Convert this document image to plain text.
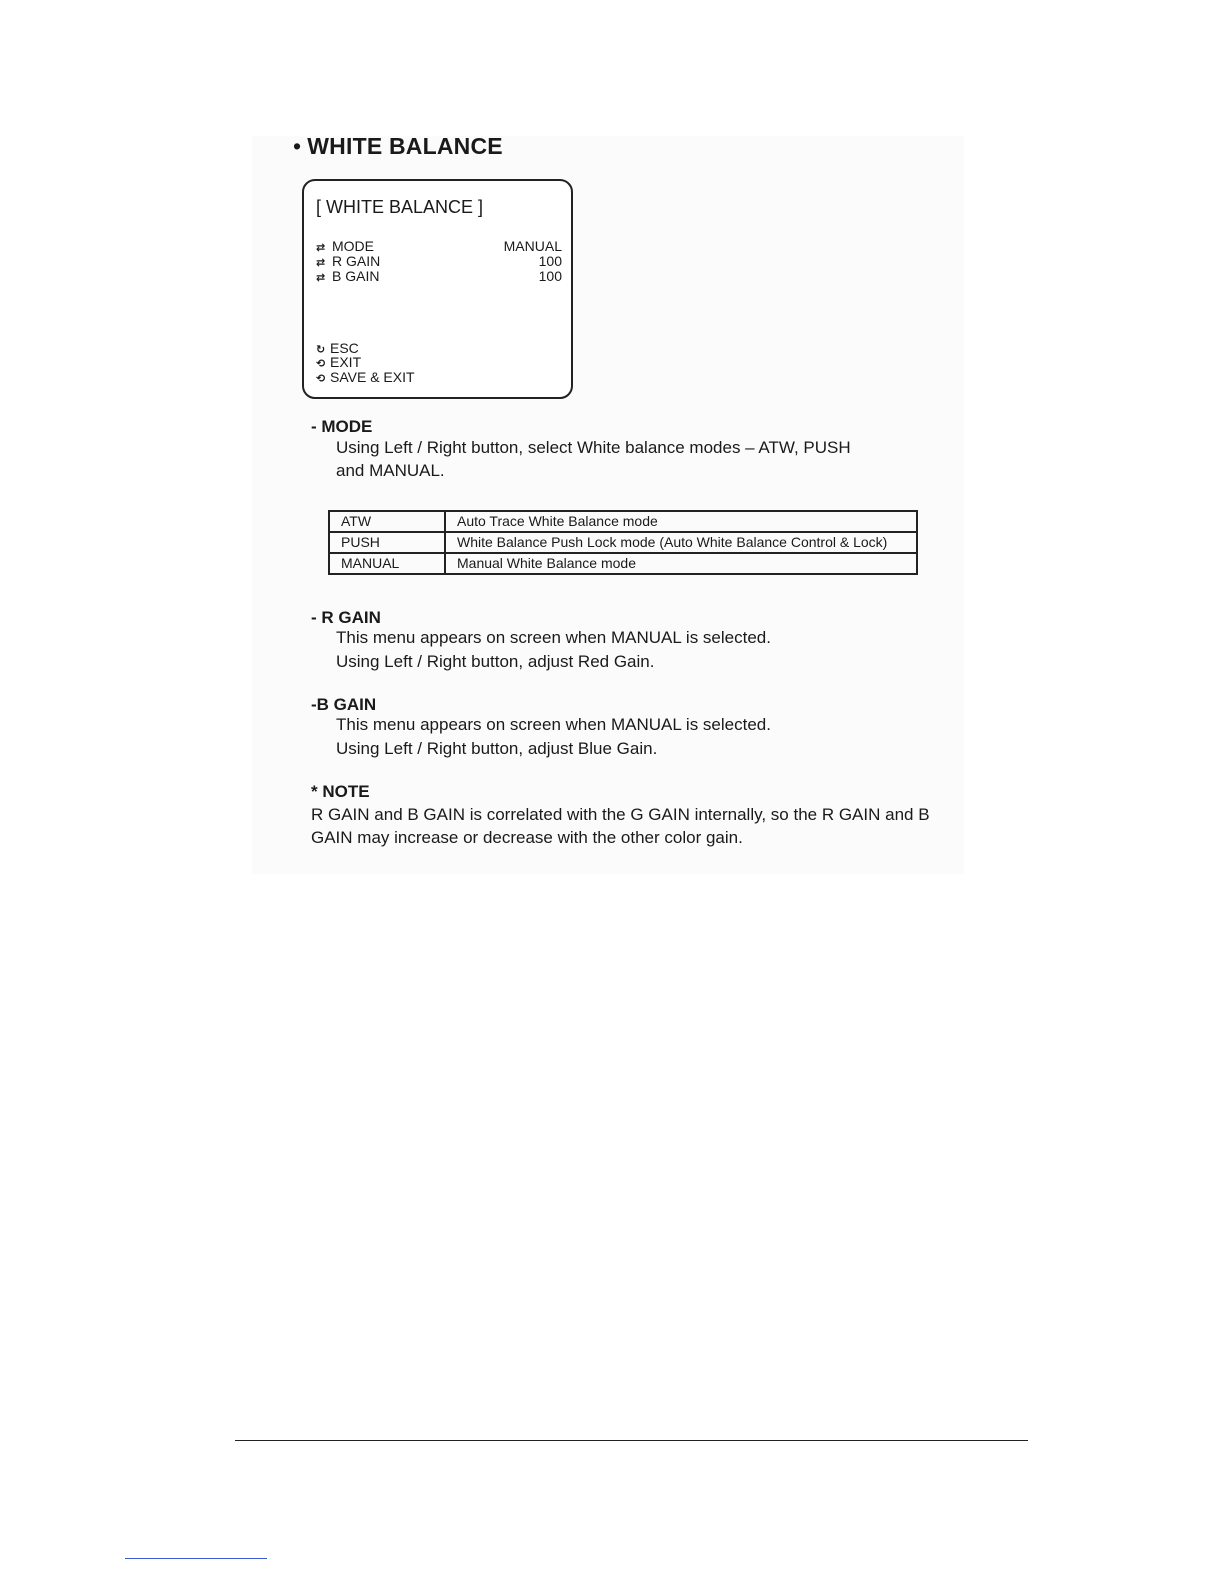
• WHITE BALANCE
[ WHITE BALANCE ]
⇄ MODE	MANUAL
⇄ R GAIN	100
⇄ B GAIN	100
↻ ESC
⟲ EXIT
⟲ SAVE & EXIT
- MODE

Using Left / Right button, select White balance modes – ATW, PUSH

and MANUAL.

ATW	Auto Trace White Balance mode
PUSH	White Balance Push Lock mode (Auto White Balance Control & Lock)
MANUAL	Manual White Balance mode
- R GAIN

This menu appears on screen when MANUAL is selected.

Using Left / Right button, adjust Red Gain.

-B GAIN

This menu appears on screen when MANUAL is selected.

Using Left / Right button, adjust Blue Gain.

* NOTE

R GAIN and B GAIN is correlated with the G GAIN internally, so the R GAIN and B

GAIN may increase or decrease with the other color gain.
